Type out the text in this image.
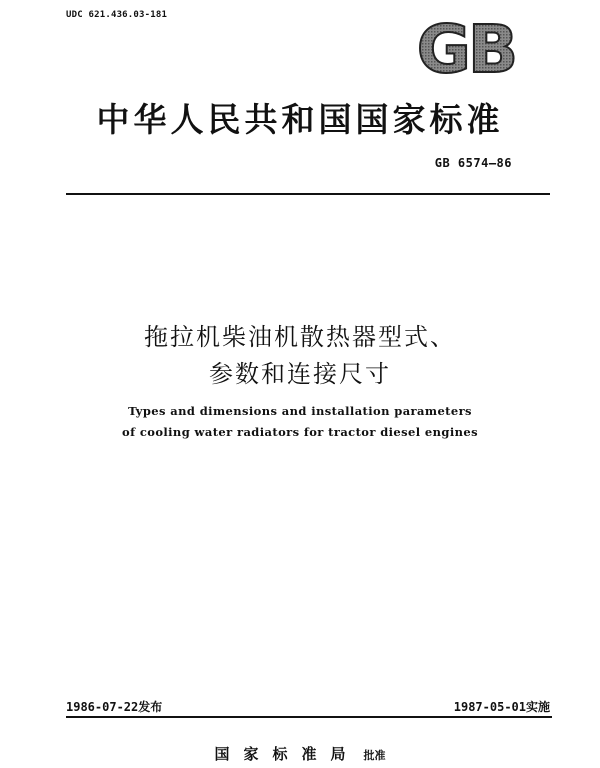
UDC 621.436.03-181	GB
中华人民共和国国家标准
GB 6574—86
拖拉机柴油机散热器型式、
参数和连接尺寸
Types and dimensions and installation parameters
of cooling water radiators for tractor diesel engines
1986-07-22发布	1987-05-01实施
国家标准局 批准
